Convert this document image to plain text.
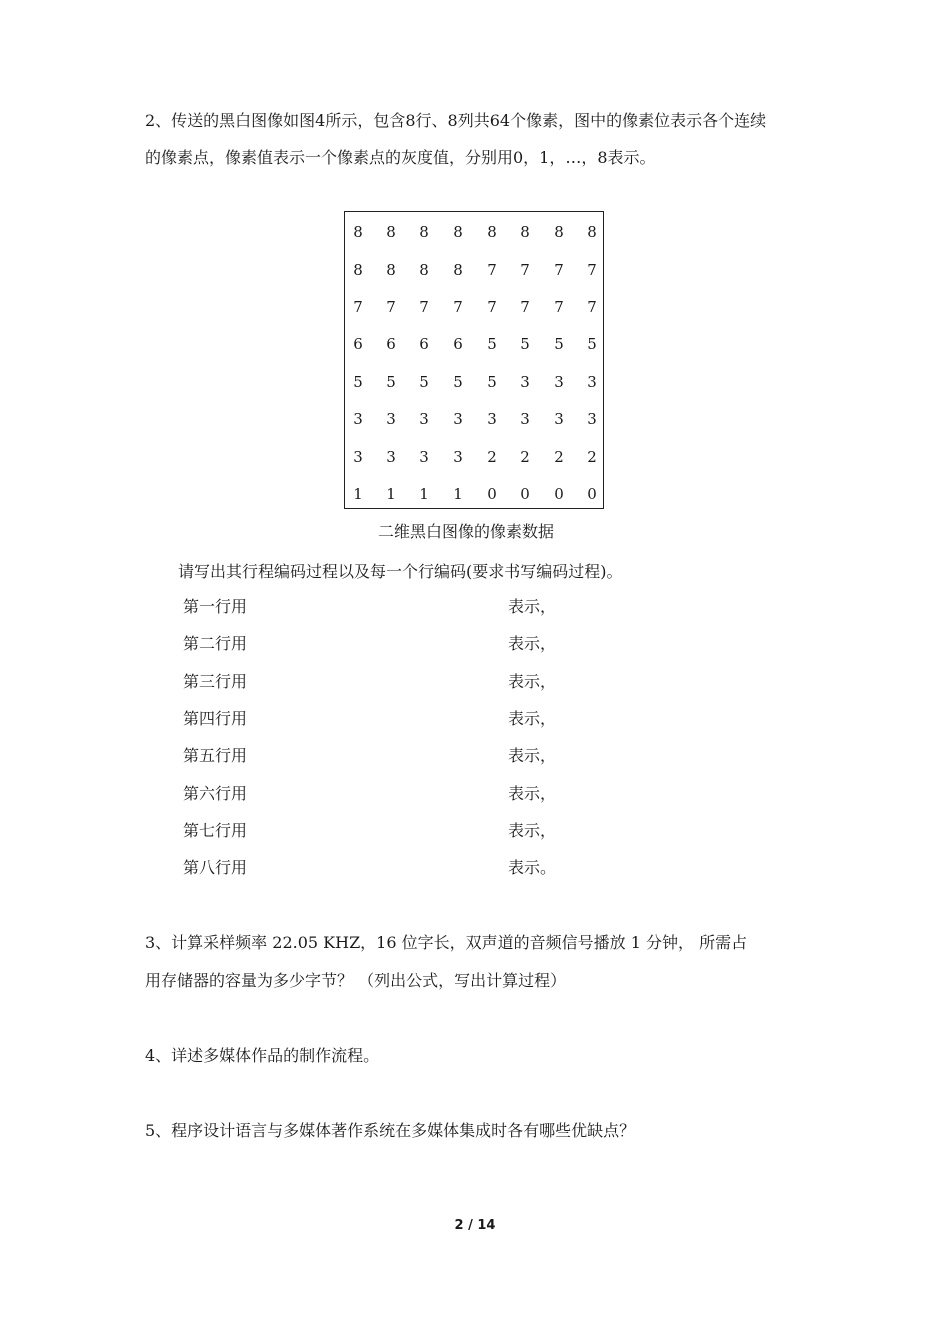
2、传送的黑白图像如图4所示，包含8行、8列共64个像素，图中的像素位表示各个连续
的像素点，像素值表示一个像素点的灰度值，分别用0，1，…，8表示。
8	8	8	8	8	8	8	8
8	8	8	8	7	7	7	7
7	7	7	7	7	7	7	7
6	6	6	6	5	5	5	5
5	5	5	5	5	3	3	3
3	3	3	3	3	3	3	3
3	3	3	3	2	2	2	2
1	1	1	1	0	0	0	0
二维黑白图像的像素数据
请写出其行程编码过程以及每一个行编码(要求书写编码过程)。
第一行用	表示，
第二行用	表示，
第三行用	表示，
第四行用	表示，
第五行用	表示，
第六行用	表示，
第七行用	表示，
第八行用	表示。
3、计算采样频率 22.05 KHZ，16 位字长，双声道的音频信号播放 1 分钟， 所需占
用存储器的容量为多少字节？ （列出公式，写出计算过程）
4、详述多媒体作品的制作流程。
5、程序设计语言与多媒体著作系统在多媒体集成时各有哪些优缺点？
2 / 14
